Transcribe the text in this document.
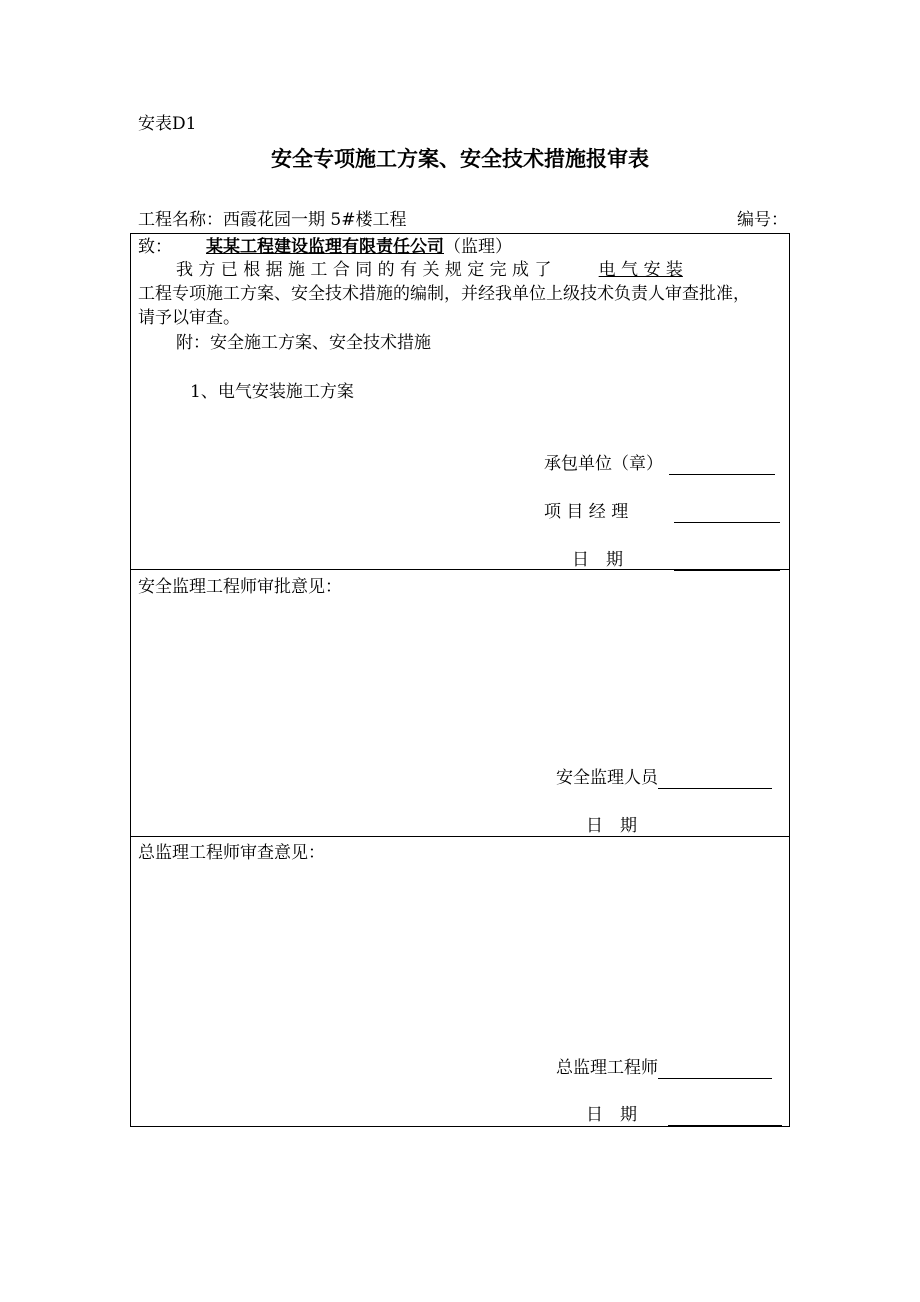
安表D1
安全专项施工方案、安全技术措施报审表
工程名称：西霞花园一期 5#楼工程	编号：
致： 某某工程建设监理有限责任公司（监理）
我 方 已 根 据 施 工 合 同 的 有 关 规 定 完 成 了	电 气 安 装
工程专项施工方案、安全技术措施的编制，并经我单位上级技术负责人审查批准，
请予以审查。
附：安全施工方案、安全技术措施
1、电气安装施工方案
承包单位（章）
项 目 经 理
日　期
安全监理工程师审批意见：
安全监理人员
日　期
总监理工程师审查意见：
总监理工程师
日　期
